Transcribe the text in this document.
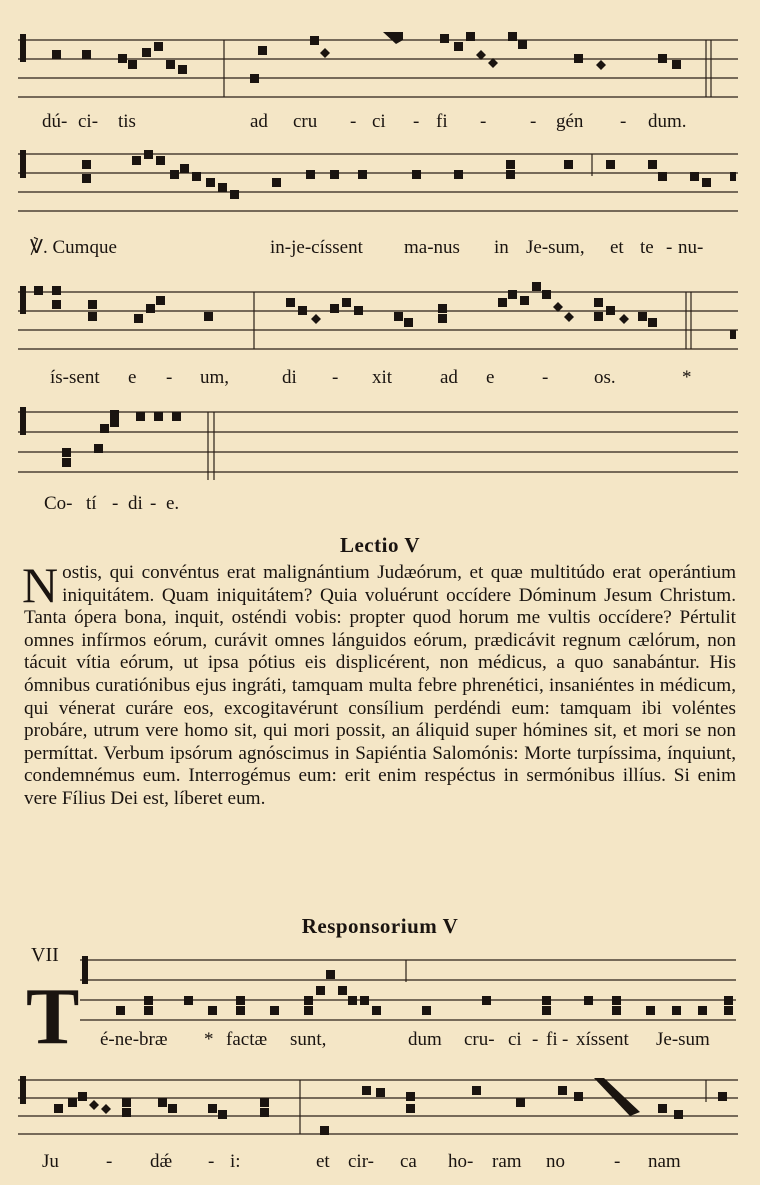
dú- ci- tis	ad cru - ci - fi - - gén - dum.
℣. Cumque	in-je-císsent ma-nus in Je-sum, et te - nu-
ís-sent e - um,	di - xit	ad e	- os.	*
Co- tí - di - e.
Lectio V
Nostis, qui convéntus erat malignántium Judæórum, et quæ multitúdo erat operántium iniquitátem. Quam iniquitátem? Quia voluérunt occídere Dóminum Jesum Christum. Tanta ópera bona, inquit, osténdi vobis: propter quod horum me vultis occídere? Pértulit omnes infírmos eórum, curávit omnes lánguidos eórum, prædicávit regnum cælórum, non tácuit vítia eórum, ut ipsa pótius eis displicérent, non médicus, a quo sanabántur. His ómnibus curatiónibus ejus ingráti, tamquam multa febre phrenétici, insaniéntes in médicum, qui vénerat curáre eos, excogitavérunt consílium perdéndi eum: tamquam ibi voléntes probáre, utrum vere homo sit, qui mori possit, an áliquid super hómines sit, et mori se non permíttat. Verbum ipsórum agnóscimus in Sapiéntia Salomónis: Morte turpíssima, ínquiunt, condemnémus eum. Interrogémus eum: erit enim respéctus in sermónibus illíus. Si enim vere Fílius Dei est, líberet eum.
Responsorium V
VII
T é-ne-bræ * factæ sunt,	dum cru- ci - fi - xíssent Je-sum
Ju - dǽ - i:	et cir- ca ho- ram no	- nam
